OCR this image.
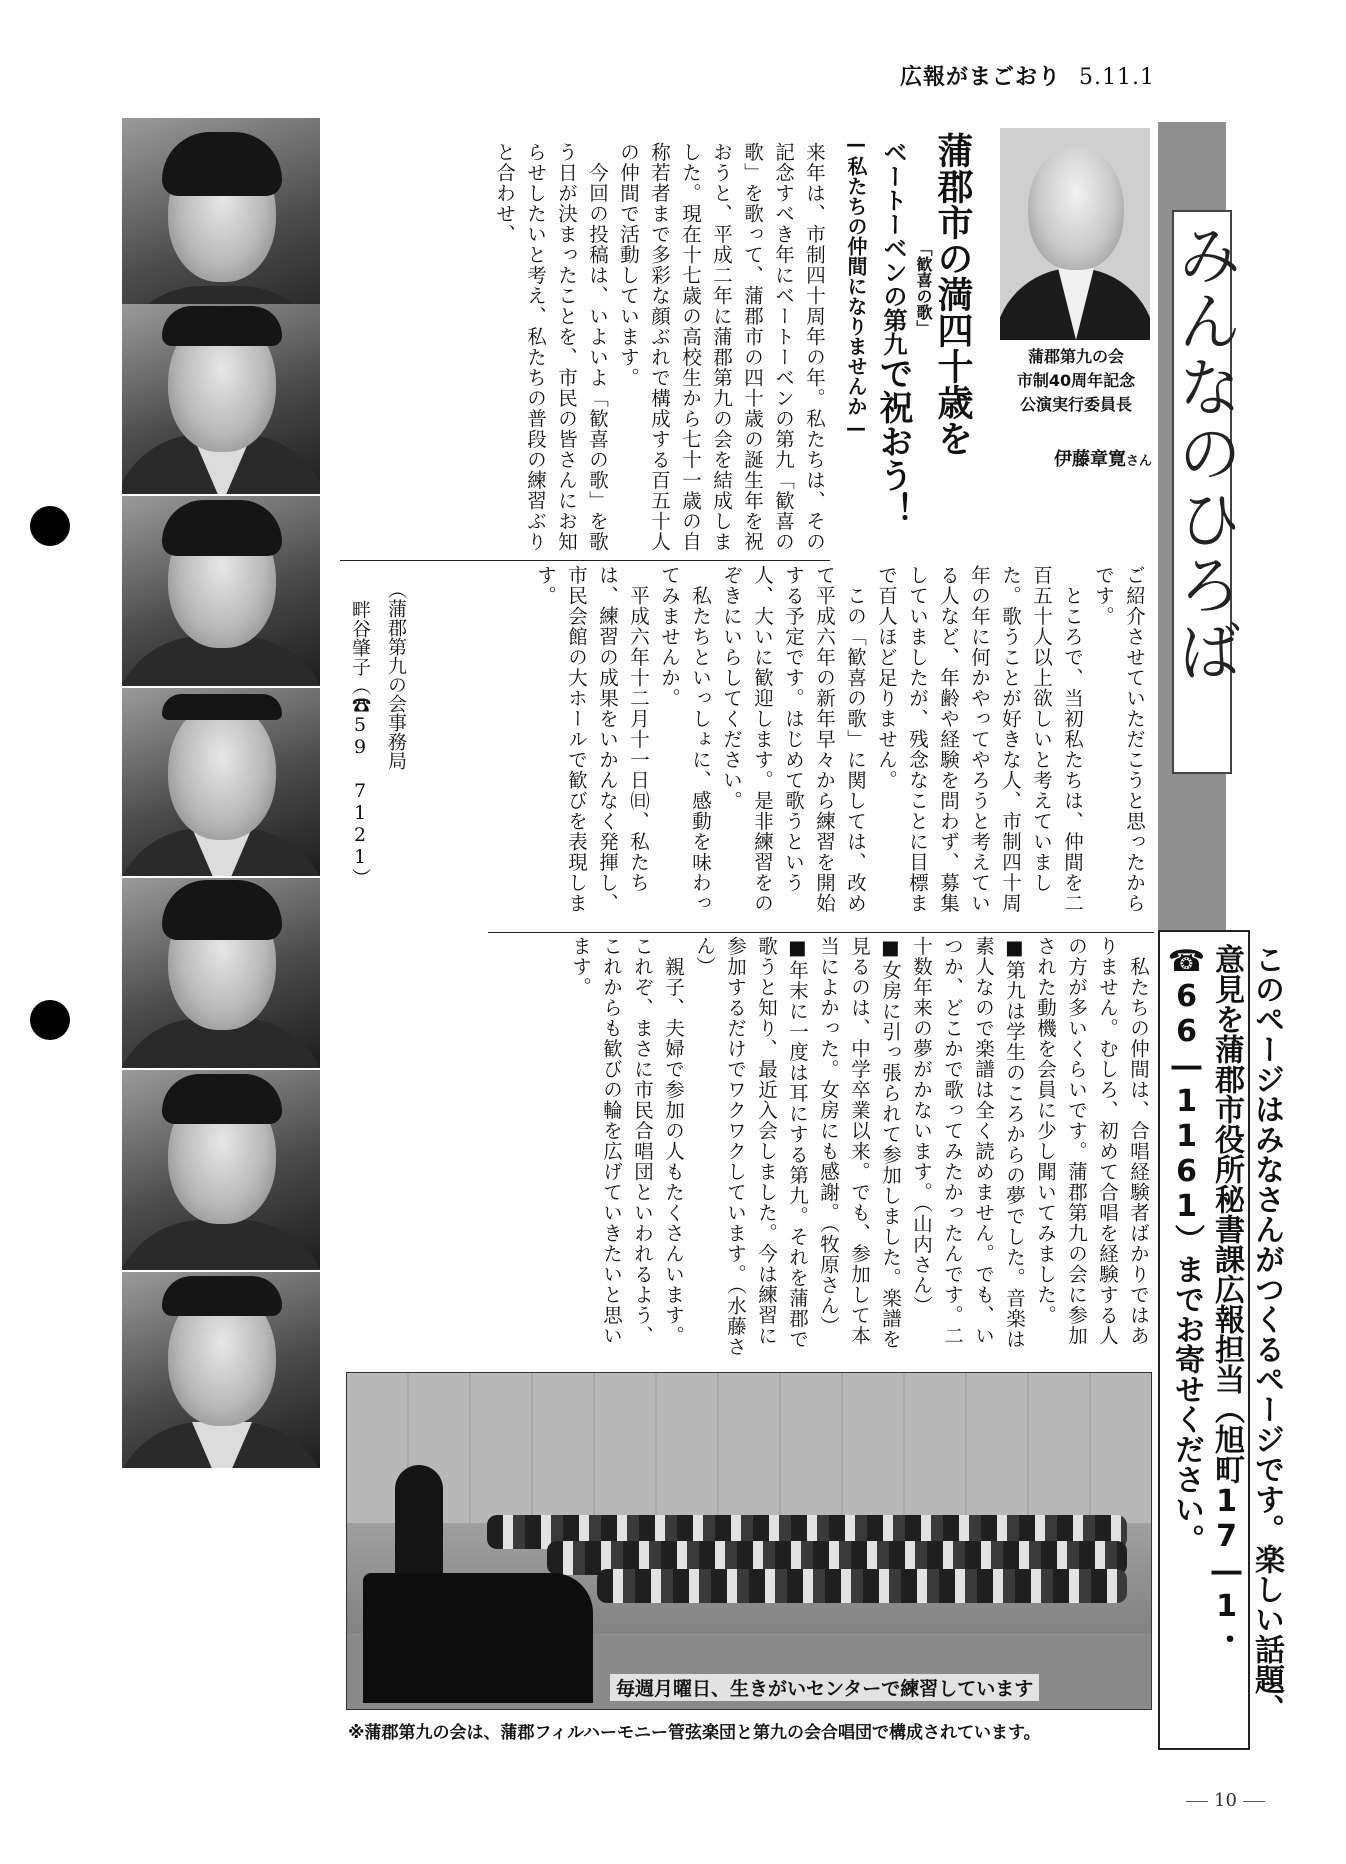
広報がまごおり 5.11.1
みんなのひろば
蒲郡第九の会
市制40周年記念
公演実行委員長
伊藤章寛さん
蒲郡市の満四十歳を
ベートーベンの第九で祝おう！
「歓喜の歌」
—私たちの仲間になりませんか—
来年は、市制四十周年の年。私たちは、その記念すべき年にベートーベンの第九「歓喜の歌」を歌って、蒲郡市の四十歳の誕生年を祝おうと、平成二年に蒲郡第九の会を結成しました。現在十七歳の高校生から七十一歳の自称若者まで多彩な顔ぶれで構成する百五十人の仲間で活動しています。
　今回の投稿は、いよいよ「歓喜の歌」を歌う日が決まったことを、市民の皆さんにお知らせしたいと考え、私たちの普段の練習ぶりと合わせ、
（蒲郡第九の会事務局
畔谷肇子（☎59 7121）	ご紹介させていただこうと思ったからです。
　ところで、当初私たちは、仲間を二百五十人以上欲しいと考えていました。歌うことが好きな人、市制四十周年の年に何かやってやろうと考えている人など、年齢や経験を問わず、募集していましたが、残念なことに目標まで百人ほど足りません。
　この「歓喜の歌」に関しては、改めて平成六年の新年早々から練習を開始する予定です。はじめて歌うという人、大いに歓迎します。是非練習をのぞきにいらしてください。
　私たちといっしょに、感動を味わってみませんか。
　平成六年十二月十一日㈰、私たちは、練習の成果をいかんなく発揮し、市民会館の大ホールで歓びを表現します。
　私たちの仲間は、合唱経験者ばかりではありません。むしろ、初めて合唱を経験する人の方が多いくらいです。蒲郡第九の会に参加された動機を会員に少し聞いてみました。
■第九は学生のころからの夢でした。音楽は素人なので楽譜は全く読めません。でも、いつか、どこかで歌ってみたかったんです。二十数年来の夢がかないます。（山内さん）
■女房に引っ張られて参加しました。楽譜を見るのは、中学卒業以来。でも、参加して本当によかった。女房にも感謝。（牧原さん）
■年末に一度は耳にする第九。それを蒲郡で歌うと知り、最近入会しました。今は練習に参加するだけでワクワクしています。（水藤さん）
　親子、夫婦で参加の人もたくさんいます。これぞ、まさに市民合唱団といわれるよう、これからも歓びの輪を広げていきたいと思います。	このページはみなさんがつくるページです。楽しい話題、意見を蒲郡市役所秘書課広報担当（旭町17―1・☎66―1161）までお寄せください。
毎週月曜日、生きがいセンターで練習しています
※蒲郡第九の会は、蒲郡フィルハーモニー管弦楽団と第九の会合唱団で構成されています。
10
